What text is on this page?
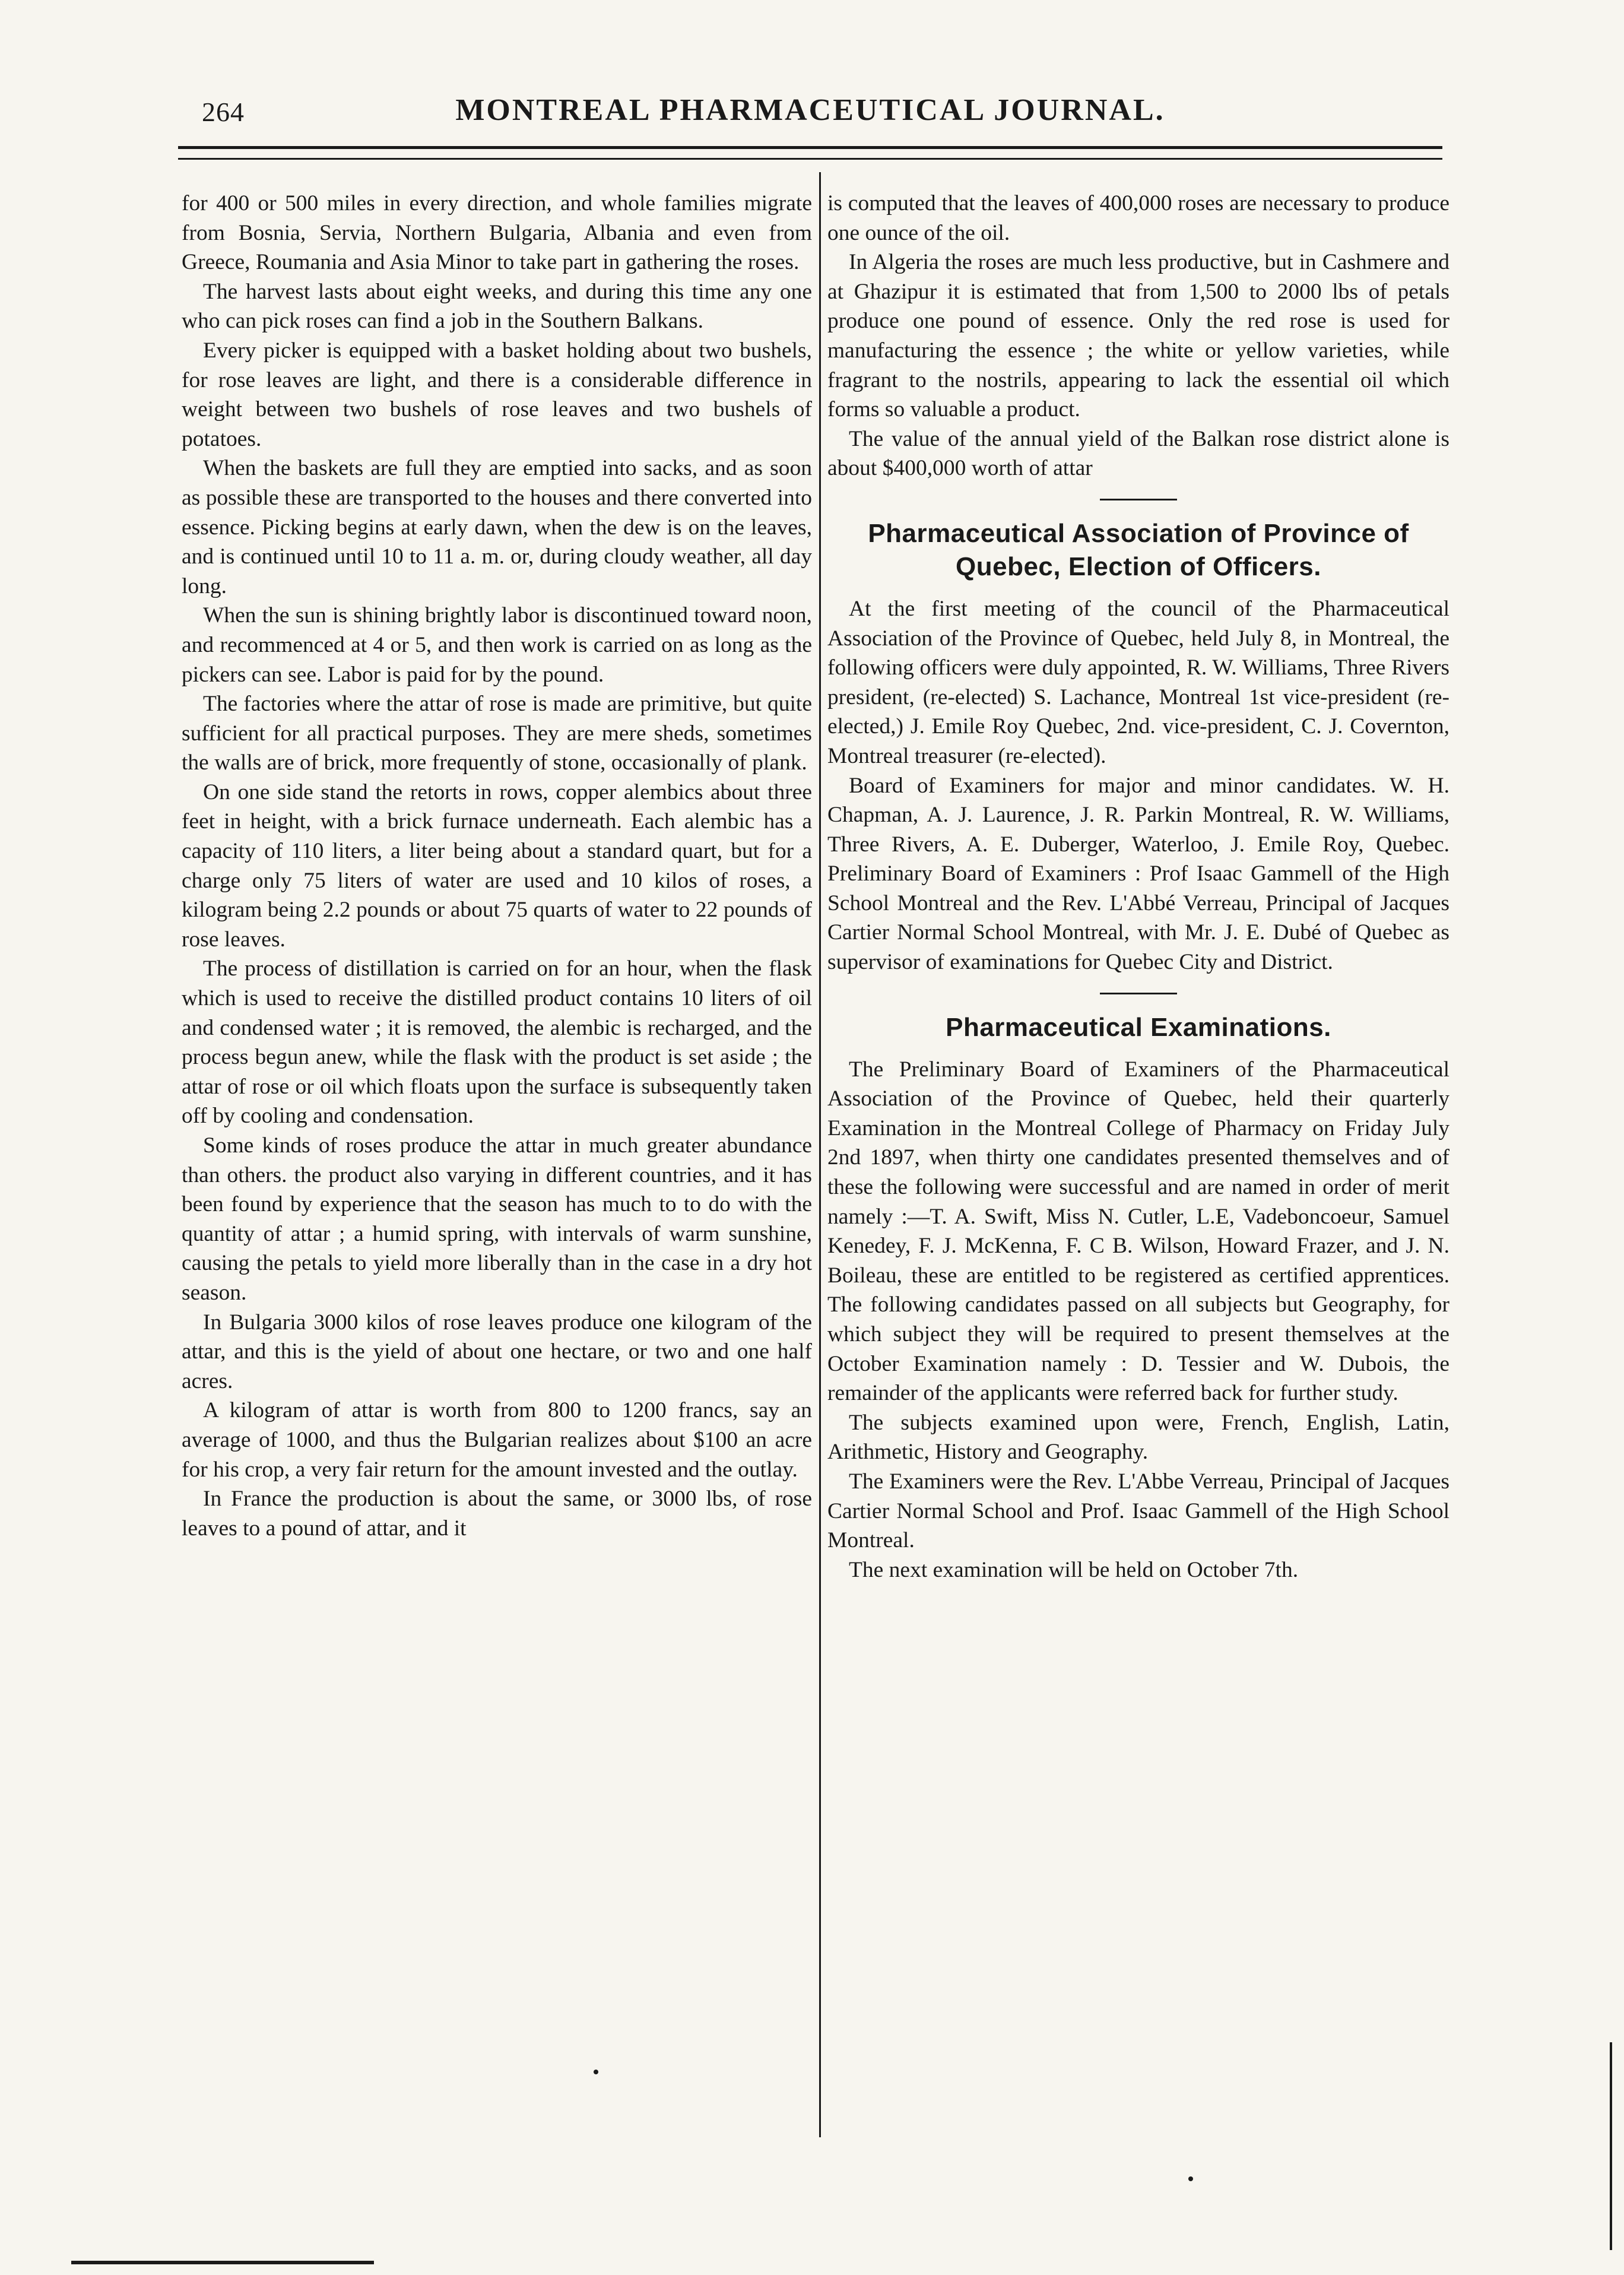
264	MONTREAL PHARMACEUTICAL JOURNAL.

for 400 or 500 miles in every direction, and whole families migrate from Bosnia, Servia, Northern Bulgaria, Albania and even from Greece, Roumania and Asia Minor to take part in gathering the roses.

The harvest lasts about eight weeks, and during this time any one who can pick roses can find a job in the Southern Balkans.

Every picker is equipped with a basket holding about two bushels, for rose leaves are light, and there is a considerable difference in weight between two bushels of rose leaves and two bushels of potatoes.

When the baskets are full they are emptied into sacks, and as soon as possible these are transported to the houses and there converted into essence. Picking begins at early dawn, when the dew is on the leaves, and is continued until 10 to 11 a. m. or, during cloudy weather, all day long.

When the sun is shining brightly labor is discontinued toward noon, and recommenced at 4 or 5, and then work is carried on as long as the pickers can see. Labor is paid for by the pound.

The factories where the attar of rose is made are primitive, but quite sufficient for all practical purposes. They are mere sheds, sometimes the walls are of brick, more frequently of stone, occasionally of plank.

On one side stand the retorts in rows, copper alembics about three feet in height, with a brick furnace underneath. Each alembic has a capacity of 110 liters, a liter being about a standard quart, but for a charge only 75 liters of water are used and 10 kilos of roses, a kilogram being 2.2 pounds or about 75 quarts of water to 22 pounds of rose leaves.

The process of distillation is carried on for an hour, when the flask which is used to receive the distilled product contains 10 liters of oil and condensed water ; it is removed, the alembic is recharged, and the process begun anew, while the flask with the product is set aside ; the attar of rose or oil which floats upon the surface is subsequently taken off by cooling and condensation.

Some kinds of roses produce the attar in much greater abundance than others. the product also varying in different countries, and it has been found by experience that the season has much to to do with the quantity of attar ; a humid spring, with intervals of warm sunshine, causing the petals to yield more liberally than in the case in a dry hot season.

In Bulgaria 3000 kilos of rose leaves produce one kilogram of the attar, and this is the yield of about one hectare, or two and one half acres.

A kilogram of attar is worth from 800 to 1200 francs, say an average of 1000, and thus the Bulgarian realizes about $100 an acre for his crop, a very fair return for the amount invested and the outlay.

In France the production is about the same, or 3000 lbs, of rose leaves to a pound of attar, and it

is computed that the leaves of 400,000 roses are necessary to produce one ounce of the oil.

In Algeria the roses are much less productive, but in Cashmere and at Ghazipur it is estimated that from 1,500 to 2000 lbs of petals produce one pound of essence. Only the red rose is used for manufacturing the essence ; the white or yellow varieties, while fragrant to the nostrils, appearing to lack the essential oil which forms so valuable a product.

The value of the annual yield of the Balkan rose district alone is about $400,000 worth of attar

Pharmaceutical Association of Province of Quebec, Election of Officers.

At the first meeting of the council of the Pharmaceutical Association of the Province of Quebec, held July 8, in Montreal, the following officers were duly appointed, R. W. Williams, Three Rivers president, (re-elected) S. Lachance, Montreal 1st vice-president (re-elected,) J. Emile Roy Quebec, 2nd. vice-president, C. J. Covernton, Montreal treasurer (re-elected).

Board of Examiners for major and minor candidates. W. H. Chapman, A. J. Laurence, J. R. Parkin Montreal, R. W. Williams, Three Rivers, A. E. Duberger, Waterloo, J. Emile Roy, Quebec. Preliminary Board of Examiners : Prof Isaac Gammell of the High School Montreal and the Rev. L'Abbé Verreau, Principal of Jacques Cartier Normal School Montreal, with Mr. J. E. Dubé of Quebec as supervisor of examinations for Quebec City and District.

Pharmaceutical Examinations.

The Preliminary Board of Examiners of the Pharmaceutical Association of the Province of Quebec, held their quarterly Examination in the Montreal College of Pharmacy on Friday July 2nd 1897, when thirty one candidates presented themselves and of these the following were successful and are named in order of merit namely :—T. A. Swift, Miss N. Cutler, L.E, Vadeboncoeur, Samuel Kenedey, F. J. McKenna, F. C B. Wilson, Howard Frazer, and J. N. Boileau, these are entitled to be registered as certified apprentices. The following candidates passed on all subjects but Geography, for which subject they will be required to present themselves at the October Examination namely : D. Tessier and W. Dubois, the remainder of the applicants were referred back for further study.

The subjects examined upon were, French, English, Latin, Arithmetic, History and Geography.

The Examiners were the Rev. L'Abbe Verreau, Principal of Jacques Cartier Normal School and Prof. Isaac Gammell of the High School Montreal.

The next examination will be held on October 7th.
